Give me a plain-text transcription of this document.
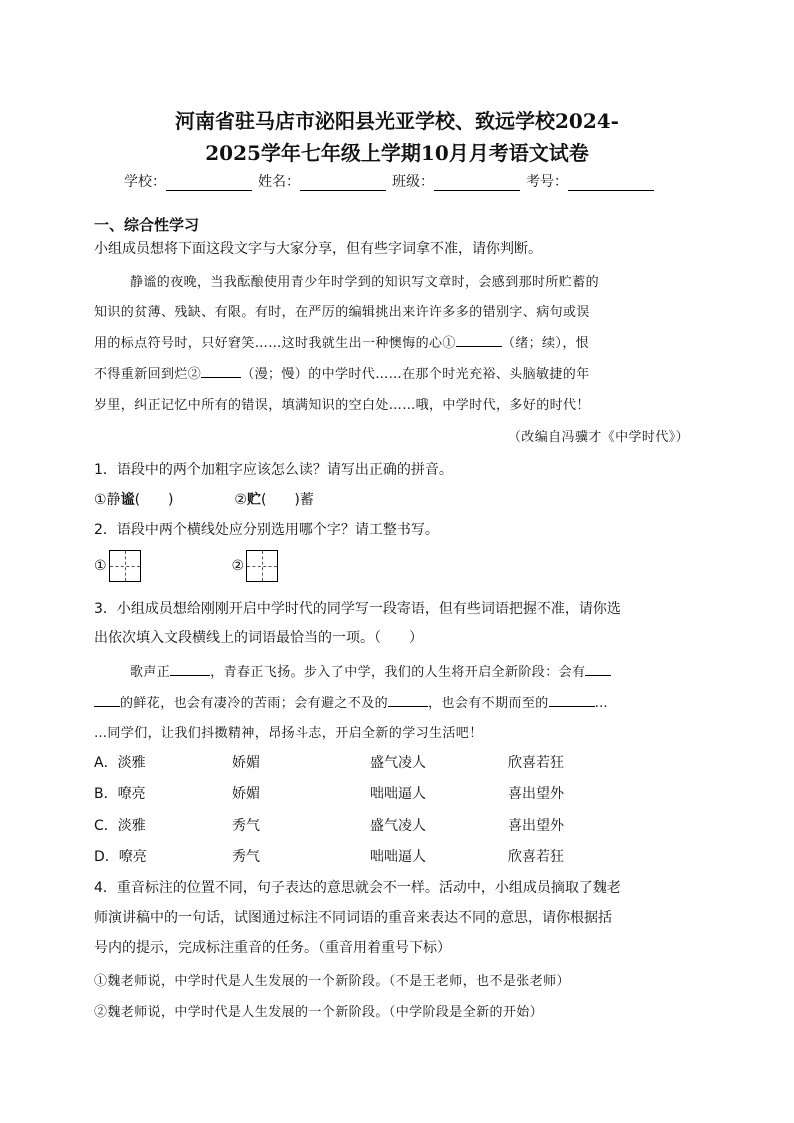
河南省驻马店市泌阳县光亚学校、致远学校2024-
2025学年七年级上学期10月月考语文试卷
学校：	姓名：	班级：	考号：
一、综合性学习
小组成员想将下面这段文字与大家分享，但有些字词拿不准，请你判断。
静谧的夜晚，当我酝酿使用青少年时学到的知识写文章时，会感到那时所贮蓄的
知识的贫薄、残缺、有限。有时，在严厉的编辑挑出来许许多多的错别字、病句或误
用的标点符号时，只好窘笑……这时我就生出一种懊悔的心①	（绪；续），恨
不得重新回到烂②	（漫；慢）的中学时代……在那个时光充裕、头脑敏捷的年
岁里，纠正记忆中所有的错误，填满知识的空白处……哦，中学时代，多好的时代！
（改编自冯骥才《中学时代》）
1．语段中的两个加粗字应该怎么读？请写出正确的拼音。
①静谧(　　)	②贮(　　)蓄
2．语段中两个横线处应分别选用哪个字？请工整书写。
①	②
3．小组成员想给刚刚开启中学时代的同学写一段寄语，但有些词语把握不准，请你选
出依次填入文段横线上的词语最恰当的一项。（　　）
歌声正	，青春正飞扬。步入了中学，我们的人生将开启全新阶段：会有
的鲜花，也会有凄冷的苦雨；会有避之不及的	，也会有不期而至的	…
…同学们，让我们抖擞精神，昂扬斗志，开启全新的学习生活吧！
A．淡雅	娇媚	盛气凌人	欣喜若狂
B．嘹亮	娇媚	咄咄逼人	喜出望外
C．淡雅	秀气	盛气凌人	喜出望外
D．嘹亮	秀气	咄咄逼人	欣喜若狂
4．重音标注的位置不同，句子表达的意思就会不一样。活动中，小组成员摘取了魏老
师演讲稿中的一句话，试图通过标注不同词语的重音来表达不同的意思，请你根据括
号内的提示，完成标注重音的任务。（重音用着重号下标）
①魏老师说，中学时代是人生发展的一个新阶段。（不是王老师，也不是张老师）
②魏老师说，中学时代是人生发展的一个新阶段。（中学阶段是全新的开始）
